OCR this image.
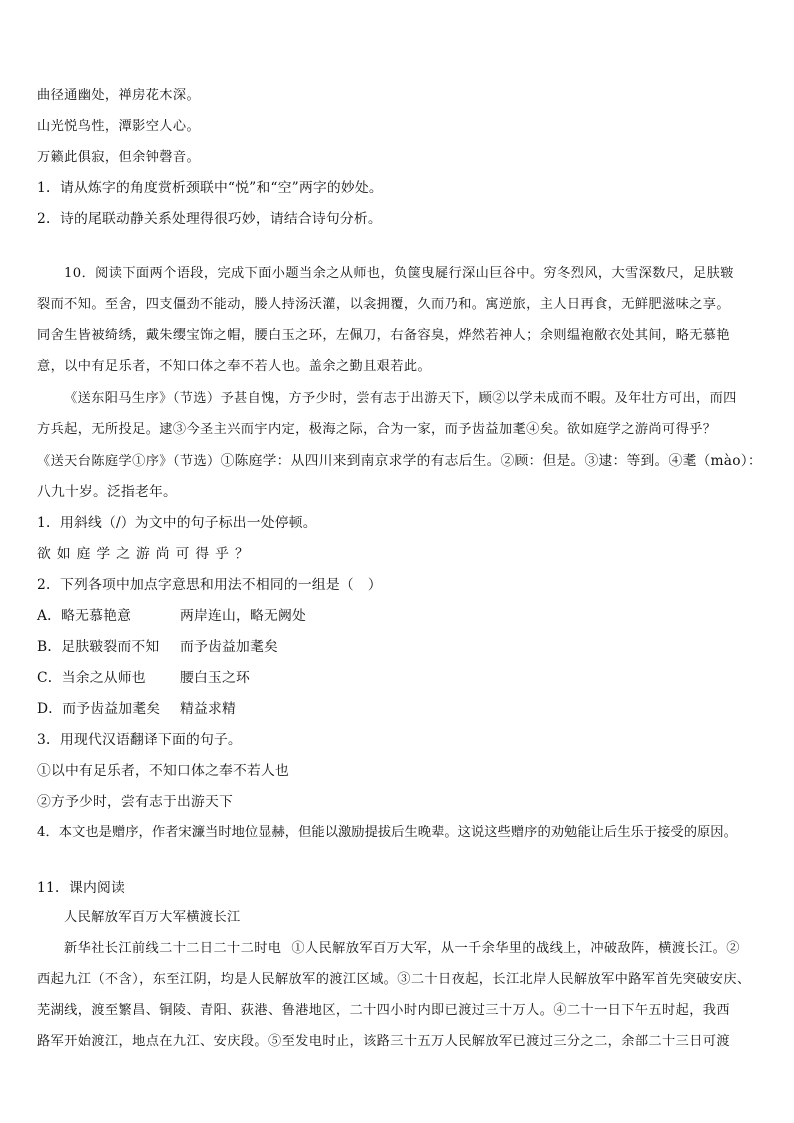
曲径通幽处，禅房花木深。
山光悦鸟性，潭影空人心。
万籁此俱寂，但余钟磬音。
1．请从炼字的角度赏析颈联中“悦”和“空”两字的妙处。
2．诗的尾联动静关系处理得很巧妙，请结合诗句分析。
10．阅读下面两个语段，完成下面小题当余之从师也，负箧曳屣行深山巨谷中。穷冬烈风，大雪深数尺，足肤皲
裂而不知。至舍，四支僵劲不能动，媵人持汤沃灌，以衾拥覆，久而乃和。寓逆旅，主人日再食，无鲜肥滋味之享。
同舍生皆被绮绣，戴朱缨宝饰之帽，腰白玉之环，左佩刀，右备容臭，烨然若神人；余则缊袍敝衣处其间，略无慕艳
意，以中有足乐者，不知口体之奉不若人也。盖余之勤且艰若此。
《送东阳马生序》（节选）予甚自愧，方予少时，尝有志于出游天下，顾②以学未成而不暇。及年壮方可出，而四
方兵起，无所投足。逮③今圣主兴而宇内定，极海之际，合为一家，而予齿益加耄④矣。欲如庭学之游尚可得乎？
《送天台陈庭学①序》（节选）①陈庭学：从四川来到南京求学的有志后生。②顾：但是。③逮：等到。④耄（mào）：
八九十岁。泛指老年。
1．用斜线（/）为文中的句子标出一处停顿。
欲如庭学之游尚可得乎？
2．下列各项中加点字意思和用法不相同的一组是（　）
A．略无慕艳意	两岸连山，略无阙处
B．足肤皲裂而不知 而予齿益加耄矣
C．当余之从师也 腰白玉之环
D．而予齿益加耄矣 精益求精
3．用现代汉语翻译下面的句子。
①以中有足乐者，不知口体之奉不若人也
②方予少时，尝有志于出游天下
4．本文也是赠序，作者宋濂当时地位显赫，但能以激励提拔后生晚辈。这说这些赠序的劝勉能让后生乐于接受的原因。
11．课内阅读
人民解放军百万大军横渡长江
新华社长江前线二十二日二十二时电 ①人民解放军百万大军，从一千余华里的战线上，冲破敌阵，横渡长江。②
西起九江（不含），东至江阴，均是人民解放军的渡江区域。③二十日夜起，长江北岸人民解放军中路军首先突破安庆、
芜湖线，渡至繁昌、铜陵、青阳、荻港、鲁港地区，二十四小时内即已渡过三十万人。④二十一日下午五时起，我西
路军开始渡江，地点在九江、安庆段。⑤至发电时止，该路三十五万人民解放军已渡过三分之二，余部二十三日可渡
